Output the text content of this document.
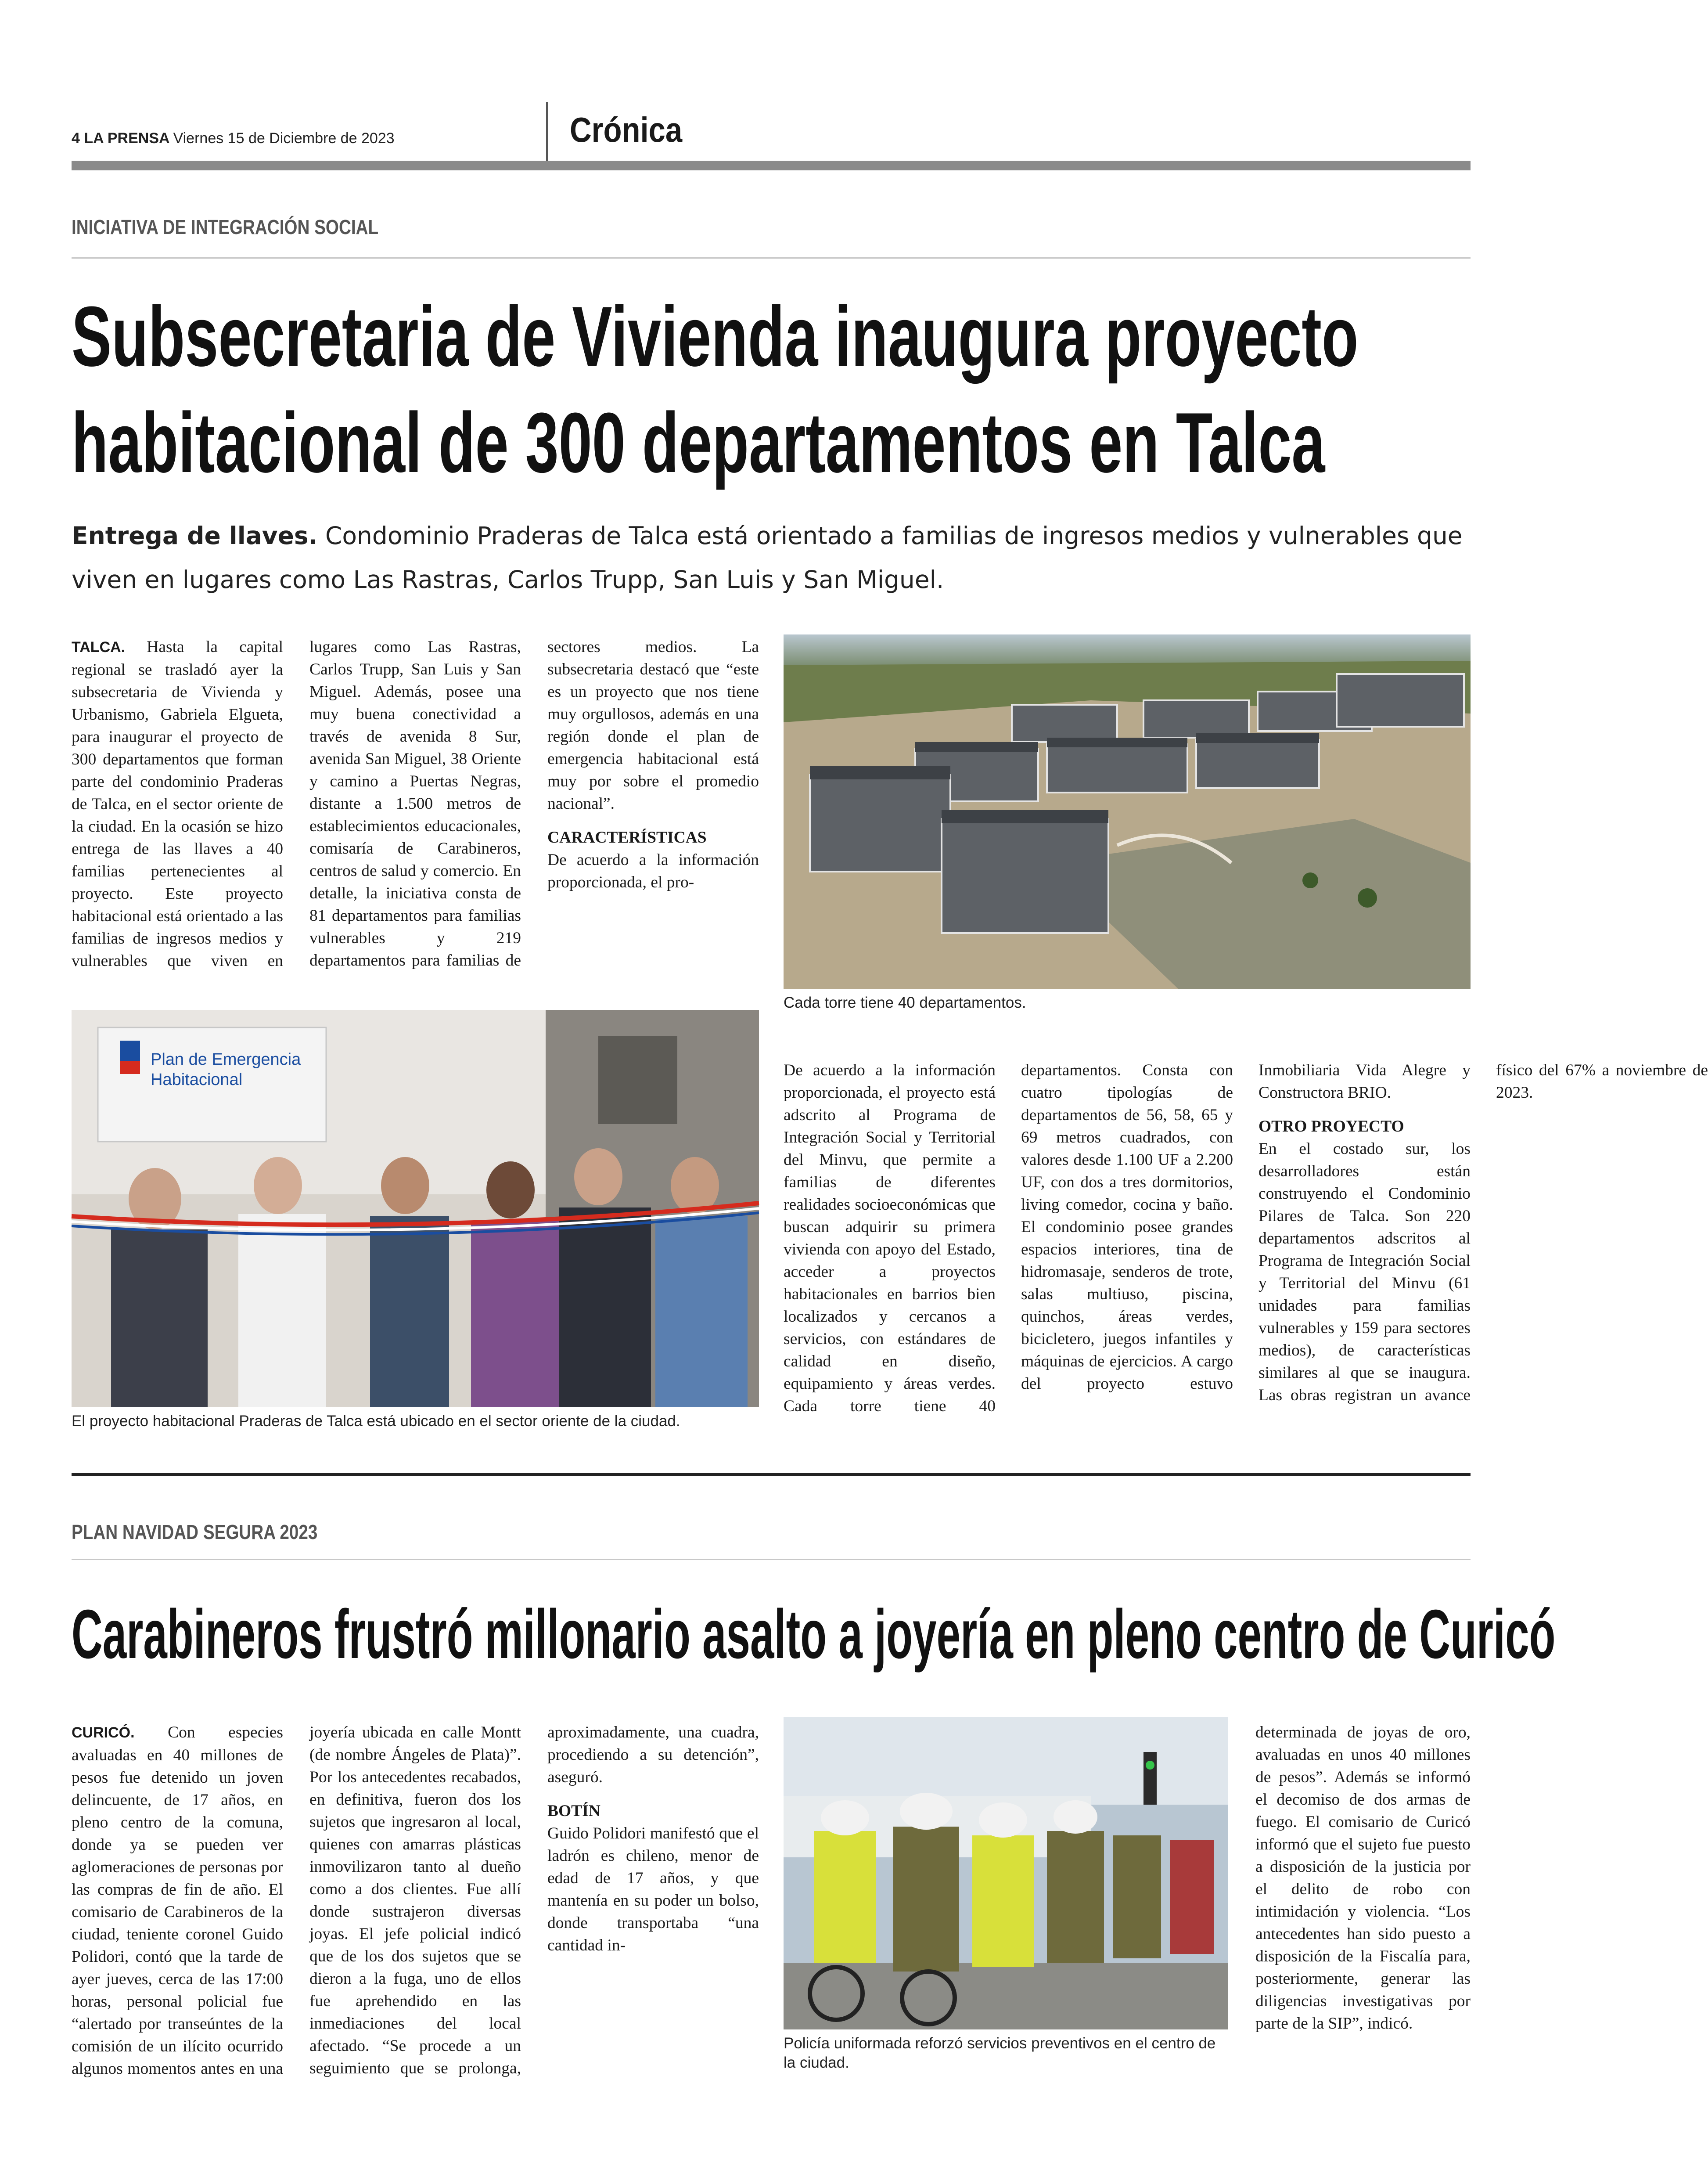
4 LA PRENSA Viernes 15 de Diciembre de 2023	Crónica
INICIATIVA DE INTEGRACIÓN SOCIAL
Subsecretaria de Vivienda inaugura proyecto
habitacional de 300 departamentos en Talca
Entrega de llaves. Condominio Praderas de Talca está orientado a familias de ingresos medios y vulnerables que viven en lugares como Las Rastras, Carlos Trupp, San Luis y San Miguel.
TALCA. Hasta la capital regional se trasladó ayer la subsecretaria de Vivienda y Urbanismo, Gabriela Elgueta, para inaugurar el proyecto de 300 departamentos que forman parte del condominio Praderas de Talca, en el sector oriente de la ciudad. En la ocasión se hizo entrega de las llaves a 40 familias pertenecientes al proyecto. Este proyecto habitacional está orientado a las familias de ingresos medios y vulnerables que viven en lugares como Las Rastras, Carlos Trupp, San Luis y San Miguel. Además, posee una muy buena conectividad a través de avenida 8 Sur, avenida San Miguel, 38 Oriente y camino a Puertas Negras, distante a 1.500 metros de establecimientos educacionales, comisaría de Carabineros, centros de salud y comercio. En detalle, la iniciativa consta de 81 departamentos para familias vulnerables y 219 departamentos para familias de sectores medios. La subsecretaria destacó que “este es un proyecto que nos tiene muy orgullosos, además en una región donde el plan de emergencia habitacional está muy por sobre el promedio nacional”.
CARACTERÍSTICAS
De acuerdo a la información proporcionada, el pro-
Cada torre tiene 40 departamentos.
Plan de Emergencia Habitacional
El proyecto habitacional Praderas de Talca está ubicado en el sector oriente de la ciudad.
De acuerdo a la información proporcionada, el proyecto está adscrito al Programa de Integración Social y Territorial del Minvu, que permite a familias de diferentes realidades socioeconómicas que buscan adquirir su primera vivienda con apoyo del Estado, acceder a proyectos habitacionales en barrios bien localizados y cercanos a servicios, con estándares de calidad en diseño, equipamiento y áreas verdes. Cada torre tiene 40 departamentos. Consta con cuatro tipologías de departamentos de 56, 58, 65 y 69 metros cuadrados, con valores desde 1.100 UF a 2.200 UF, con dos a tres dormitorios, living comedor, cocina y baño. El condominio posee grandes espacios interiores, tina de hidromasaje, senderos de trote, salas multiuso, piscina, quinchos, áreas verdes, bicicletero, juegos infantiles y máquinas de ejercicios. A cargo del proyecto estuvo Inmobiliaria Vida Alegre y Constructora BRIO.
OTRO PROYECTO
En el costado sur, los desarrolladores están construyendo el Condominio Pilares de Talca. Son 220 departamentos adscritos al Programa de Integración Social y Territorial del Minvu (61 unidades para familias vulnerables y 159 para sectores medios), de características similares al que se inaugura. Las obras registran un avance físico del 67% a noviembre de 2023.
PLAN NAVIDAD SEGURA 2023
Carabineros frustró millonario asalto a joyería en pleno centro de Curicó
CURICÓ. Con especies avaluadas en 40 millones de pesos fue detenido un joven delincuente, de 17 años, en pleno centro de la comuna, donde ya se pueden ver aglomeraciones de personas por las compras de fin de año. El comisario de Carabineros de la ciudad, teniente coronel Guido Polidori, contó que la tarde de ayer jueves, cerca de las 17:00 horas, personal policial fue “alertado por transeúntes de la comisión de un ilícito ocurrido algunos momentos antes en una joyería ubicada en calle Montt (de nombre Ángeles de Plata)”. Por los antecedentes recabados, en definitiva, fueron dos los sujetos que ingresaron al local, quienes con amarras plásticas inmovilizaron tanto al dueño como a dos clientes. Fue allí donde sustrajeron diversas joyas. El jefe policial indicó que de los dos sujetos que se dieron a la fuga, uno de ellos fue aprehendido en las inmediaciones del local afectado. “Se procede a un seguimiento que se prolonga, aproximadamente, una cuadra, procediendo a su detención”, aseguró.
BOTÍN
Guido Polidori manifestó que el ladrón es chileno, menor de edad de 17 años, y que mantenía en su poder un bolso, donde transportaba “una cantidad in-
Policía uniformada reforzó servicios preventivos en el centro de la ciudad.
determinada de joyas de oro, avaluadas en unos 40 millones de pesos”. Además se informó el decomiso de dos armas de fuego. El comisario de Curicó informó que el sujeto fue puesto a disposición de la justicia por el delito de robo con intimidación y violencia. “Los antecedentes han sido puesto a disposición de la Fiscalía para, posteriormente, generar las diligencias investigativas por parte de la SIP”, indicó.
